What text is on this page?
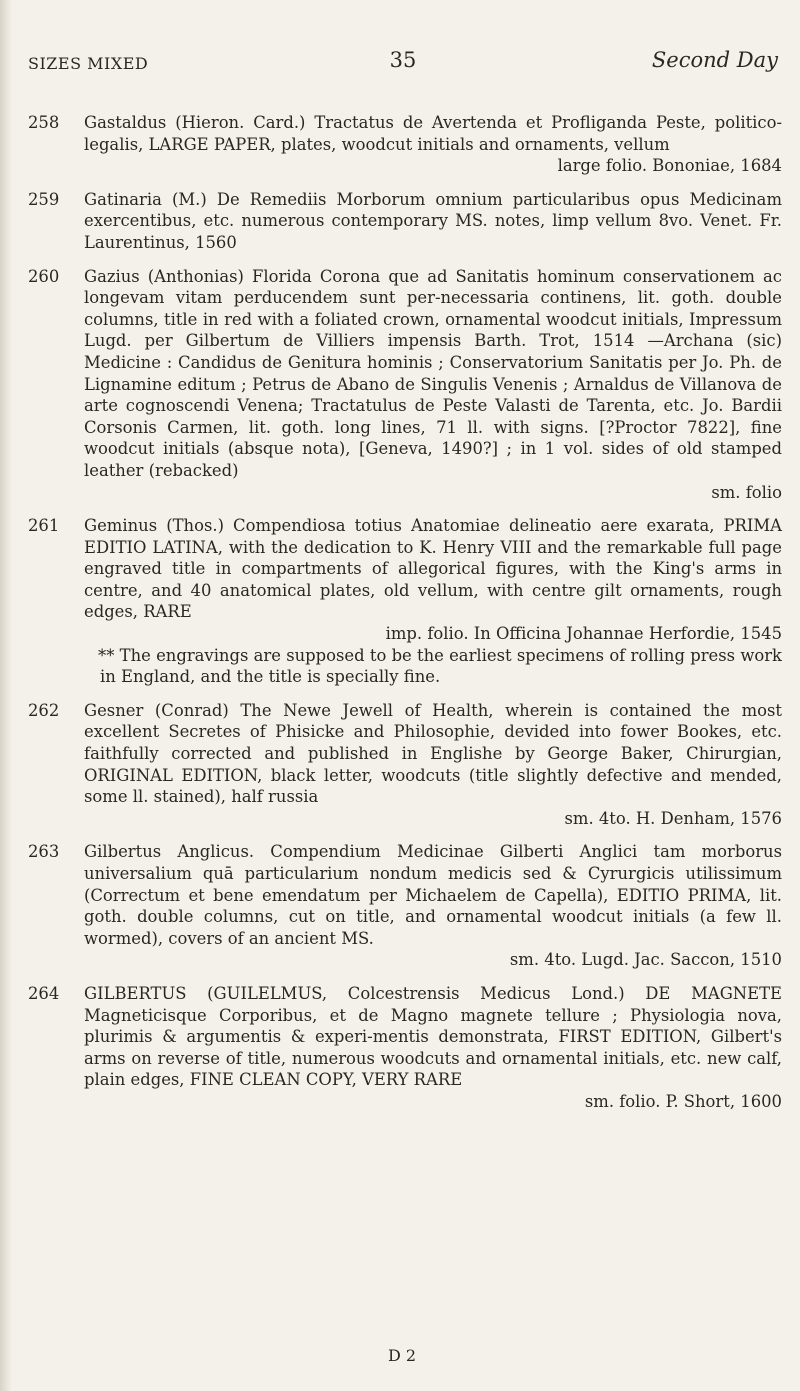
SIZES MIXED	35	Second Day
258 Gastaldus (Hieron. Card.) Tractatus de Avertenda et Profliganda Peste, politico-legalis, LARGE PAPER, plates, woodcut initials and ornaments, vellum
large folio. Bononiae, 1684
259 Gatinaria (M.) De Remediis Morborum omnium particularibus opus Medicinam exercentibus, etc. numerous contemporary MS. notes, limp vellum 8vo. Venet. Fr. Laurentinus, 1560
260 Gazius (Anthonias) Florida Corona que ad Sanitatis hominum conservationem ac longevam vitam perducendem sunt per-necessaria continens, lit. goth. double columns, title in red with a foliated crown, ornamental woodcut initials, Impressum Lugd. per Gilbertum de Villiers impensis Barth. Trot, 1514 —Archana (sic) Medicine : Candidus de Genitura hominis ; Conservatorium Sanitatis per Jo. Ph. de Lignamine editum ; Petrus de Abano de Singulis Venenis ; Arnaldus de Villanova de arte cognoscendi Venena; Tractatulus de Peste Valasti de Tarenta, etc. Jo. Bardii Corsonis Carmen, lit. goth. long lines, 71 ll. with signs. [?Proctor 7822], fine woodcut initials (absque nota), [Geneva, 1490?] ; in 1 vol. sides of old stamped leather (rebacked)
sm. folio
261 Geminus (Thos.) Compendiosa totius Anatomiae delineatio aere exarata, PRIMA EDITIO LATINA, with the dedication to K. Henry VIII and the remarkable full page engraved title in compartments of allegorical figures, with the King's arms in centre, and 40 anatomical plates, old vellum, with centre gilt ornaments, rough edges, RARE
imp. folio. In Officina Johannae Herfordie, 1545
** The engravings are supposed to be the earliest specimens of rolling press work in England, and the title is specially fine.
262 Gesner (Conrad) The Newe Jewell of Health, wherein is contained the most excellent Secretes of Phisicke and Philosophie, devided into fower Bookes, etc. faithfully corrected and published in Englishe by George Baker, Chirurgian, ORIGINAL EDITION, black letter, woodcuts (title slightly defective and mended, some ll. stained), half russia
sm. 4to. H. Denham, 1576
263 Gilbertus Anglicus. Compendium Medicinae Gilberti Anglici tam morborus universalium quā particularium nondum medicis sed & Cyrurgicis utilissimum (Correctum et bene emendatum per Michaelem de Capella), EDITIO PRIMA, lit. goth. double columns, cut on title, and ornamental woodcut initials (a few ll. wormed), covers of an ancient MS.
sm. 4to. Lugd. Jac. Saccon, 1510
264 GILBERTUS (GUILELMUS, Colcestrensis Medicus Lond.) DE MAGNETE Magneticisque Corporibus, et de Magno magnete tellure ; Physiologia nova, plurimis & argumentis & experi-mentis demonstrata, FIRST EDITION, Gilbert's arms on reverse of title, numerous woodcuts and ornamental initials, etc. new calf, plain edges, FINE CLEAN COPY, VERY RARE
sm. folio. P. Short, 1600
D 2
